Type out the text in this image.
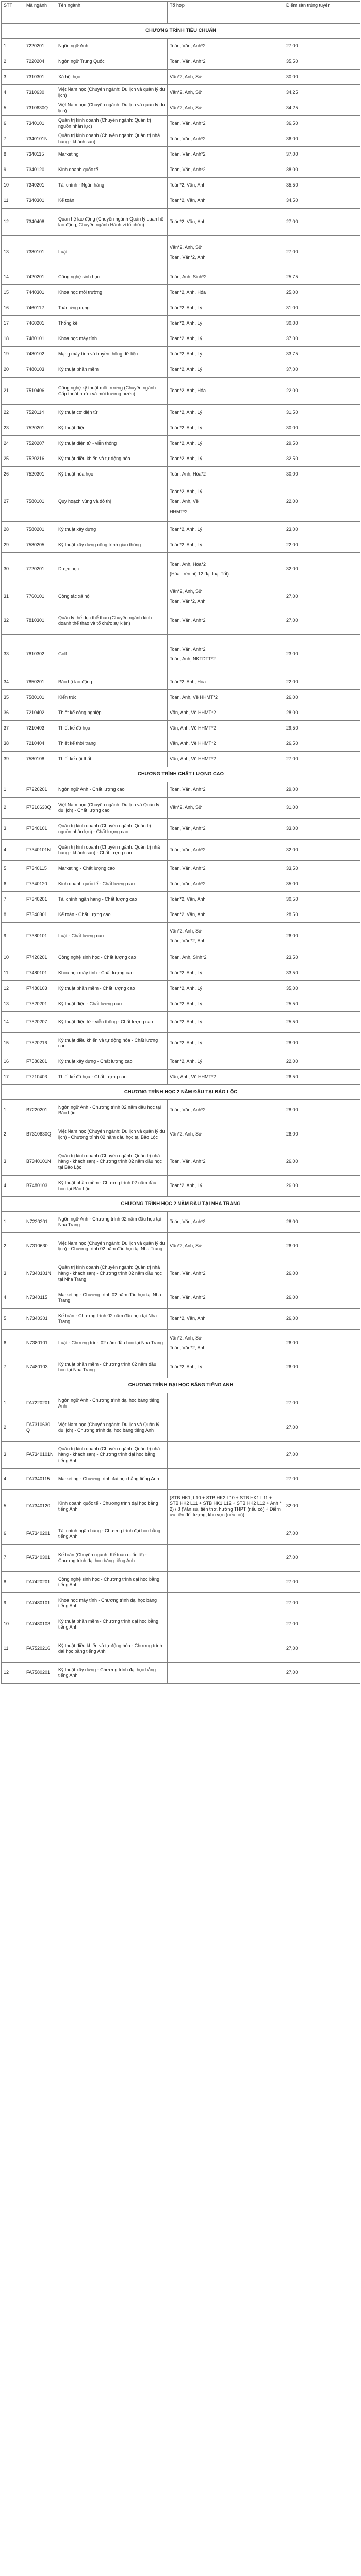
STT	Mã ngành	Tên ngành	Tổ hợp	Điểm sàn trúng tuyển
CHƯƠNG TRÌNH TIÊU CHUẨN				
1	7220201	Ngôn ngữ Anh	Toán, Văn, Anh*2	27,00
2	7220204	Ngôn ngữ Trung Quốc	Toán, Văn, Anh*2	35,50
3	7310301	Xã hội học	Văn*2, Anh, Sử	30,00
4	7310630	Việt Nam học (Chuyên ngành: Du lịch và quản lý du lịch)	Văn*2, Anh, Sử	34,25
5	7310630Q	Việt Nam học (Chuyên ngành: Du lịch và quản lý du lịch)	Văn*2, Anh, Sử	34,25
6	7340101	Quản trị kinh doanh (Chuyên ngành: Quản trị nguồn nhân lực)	Toán, Văn, Anh*2	36,50
7	7340101N	Quản trị kinh doanh (Chuyên ngành: Quản trị nhà hàng - khách sạn)	Toán, Văn, Anh*2	36,00
8	7340115	Marketing	Toán, Văn, Anh*2	37,00
9	7340120	Kinh doanh quốc tế	Toán, Văn, Anh*2	38,00
10	7340201	Tài chính - Ngân hàng	Toán*2, Văn, Anh	35,50
11	7340301	Kế toán	Toán*2, Văn, Anh	34,50
12	7340408	Quan hệ lao động (Chuyên ngành Quản lý quan hệ lao động, Chuyên ngành Hành vi tổ chức)	Toán*2, Văn, Anh	27,00
13	7380101	Luật	Văn*2, Anh, Sử
Toán, Văn*2, Anh	27,00
14	7420201	Công nghệ sinh học	Toán, Anh, Sinh*2	25,75
15	7440301	Khoa học môi trường	Toán*2, Anh, Hóa	25,00
16	7460112	Toán ứng dụng	Toán*2, Anh, Lý	31,00
17	7460201	Thống kê	Toán*2, Anh, Lý	30,00
18	7480101	Khoa học máy tính	Toán*2, Anh, Lý	37,00
19	7480102	Mạng máy tính và truyền thông dữ liệu	Toán*2, Anh, Lý	33,75
20	7480103	Kỹ thuật phần mềm	Toán*2, Anh, Lý	37,00
21	7510406	Công nghệ kỹ thuật môi trường (Chuyên ngành Cấp thoát nước và môi trường nước)	Toán*2, Anh, Hóa	22,00
22	7520114	Kỹ thuật cơ điện tử	Toán*2, Anh, Lý	31,50
23	7520201	Kỹ thuật điện	Toán*2, Anh, Lý	30,00
24	7520207	Kỹ thuật điện tử - viễn thông	Toán*2, Anh, Lý	29,50
25	7520216	Kỹ thuật điều khiển và tự động hóa	Toán*2, Anh, Lý	32,50
26	7520301	Kỹ thuật hóa học	Toán, Anh, Hóa*2	30,00
27	7580101	Quy hoạch vùng và đô thị	Toán*2, Anh, Lý
Toán, Anh, Vẽ
HHMT*2	22,00
28	7580201	Kỹ thuật xây dựng	Toán*2, Anh, Lý	23,00
29	7580205	Kỹ thuật xây dựng công trình giao thông	Toán*2, Anh, Lý	22,00
30	7720201	Dược học	Toán, Anh, Hóa*2
(Hóa: trên hệ 12 đạt loại Tốt)	32,00
31	7760101	Công tác xã hội	Văn*2, Anh, Sử
Toán, Văn*2, Anh	27,00
32	7810301	Quản lý thể dục thể thao (Chuyên ngành kinh doanh thể thao và tổ chức sự kiện)	Toán, Văn, Anh*2	27,00
33	7810302	Golf	Toán, Văn, Anh*2
Toán, Anh, NKTDTT*2	23,00
34	7850201	Bảo hộ lao động	Toán*2, Anh, Hóa	22,00
35	7580101	Kiến trúc	Toán, Anh, Vẽ HHMT*2	26,00
36	7210402	Thiết kế công nghiệp	Văn, Anh, Vẽ HHMT*2	28,00
37	7210403	Thiết kế đồ họa	Văn, Anh, Vẽ HHMT*2	29,50
38	7210404	Thiết kế thời trang	Văn, Anh, Vẽ HHMT*2	26,50
39	7580108	Thiết kế nội thất	Văn, Anh, Vẽ HHMT*2	27,00
CHƯƠNG TRÌNH CHẤT LƯỢNG CAO				
1	F7220201	Ngôn ngữ Anh - Chất lượng cao	Toán, Văn, Anh*2	29,00
2	F7310630Q	Việt Nam học (Chuyên ngành: Du lịch và Quản lý du lịch) - Chất lượng cao	Văn*2, Anh, Sử	31,00
3	F7340101	Quản trị kinh doanh (Chuyên ngành: Quản trị nguồn nhân lực) - Chất lượng cao	Toán, Văn, Anh*2	33,00
4	F7340101N	Quản trị kinh doanh (Chuyên ngành: Quản trị nhà hàng - khách sạn) - Chất lượng cao	Toán, Văn, Anh*2	32,00
5	F7340115	Marketing - Chất lượng cao	Toán, Văn, Anh*2	33,50
6	F7340120	Kinh doanh quốc tế - Chất lượng cao	Toán, Văn, Anh*2	35,00
7	F7340201	Tài chính ngân hàng - Chất lượng cao	Toán*2, Văn, Anh	30,50
8	F7340301	Kế toán - Chất lượng cao	Toán*2, Văn, Anh	28,50
9	F7380101	Luật - Chất lượng cao	Văn*2, Anh, Sử
Toán, Văn*2, Anh	26,00
10	F7420201	Công nghệ sinh học - Chất lượng cao	Toán, Anh, Sinh*2	23,50
11	F7480101	Khoa học máy tính - Chất lượng cao	Toán*2, Anh, Lý	33,50
12	F7480103	Kỹ thuật phần mềm - Chất lượng cao	Toán*2, Anh, Lý	35,00
13	F7520201	Kỹ thuật điện - Chất lượng cao	Toán*2, Anh, Lý	25,50
14	F7520207	Kỹ thuật điện tử - viễn thông - Chất lượng cao	Toán*2, Anh, Lý	25,50
15	F7520216	Kỹ thuật điều khiển và tự động hóa - Chất lượng cao	Toán*2, Anh, Lý	28,00
16	F7580201	Kỹ thuật xây dựng - Chất lượng cao	Toán*2, Anh, Lý	22,00
17	F7210403	Thiết kế đồ họa - Chất lượng cao	Văn, Anh, Vẽ HHMT*2	26,50
CHƯƠNG TRÌNH HỌC 2 NĂM ĐẦU TẠI BẢO LỘC				
1	B7220201	Ngôn ngữ Anh - Chương trình 02 năm đầu học tại Bảo Lộc	Toán, Văn, Anh*2	28,00
2	B7310630Q	Việt Nam học (Chuyên ngành: Du lịch và quản lý du lịch) - Chương trình 02 năm đầu học tại Bảo Lộc	Văn*2, Anh, Sử	26,00
3	B7340101N	Quản trị kinh doanh (Chuyên ngành: Quản trị nhà hàng - khách sạn) - Chương trình 02 năm đầu học tại Bảo Lộc	Toán, Văn, Anh*2	26,00
4	B7480103	Kỹ thuật phần mềm - Chương trình 02 năm đầu học tại Bảo Lộc	Toán*2, Anh, Lý	26,00
CHƯƠNG TRÌNH HỌC 2 NĂM ĐẦU TẠI NHA TRANG				
1	N7220201	Ngôn ngữ Anh - Chương trình 02 năm đầu học tại Nha Trang	Toán, Văn, Anh*2	28,00
2	N7310630	Việt Nam học (Chuyên ngành: Du lịch và quản lý du lịch) - Chương trình 02 năm đầu học tại Nha Trang	Văn*2, Anh, Sử	26,00
3	N7340101N	Quản trị kinh doanh (Chuyên ngành: Quản trị nhà hàng - khách sạn) - Chương trình 02 năm đầu học tại Nha Trang	Toán, Văn, Anh*2	26,00
4	N7340115	Marketing - Chương trình 02 năm đầu học tại Nha Trang	Toán, Văn, Anh*2	26,00
5	N7340301	Kế toán - Chương trình 02 năm đầu học tại Nha Trang	Toán*2, Văn, Anh	26,00
6	N7380101	Luật - Chương trình 02 năm đầu học tại Nha Trang	Văn*2, Anh, Sử
Toán, Văn*2, Anh	26,00
7	N7480103	Kỹ thuật phần mềm - Chương trình 02 năm đầu học tại Nha Trang	Toán*2, Anh, Lý	26,00
CHƯƠNG TRÌNH ĐẠI HỌC BẰNG TIẾNG ANH				
1	FA7220201	Ngôn ngữ Anh - Chương trình đại học bằng tiếng Anh		27,00
2	FA7310630Q	Việt Nam học (Chuyên ngành: Du lịch và Quản lý du lịch) - Chương trình đại học bằng tiếng Anh		27,00
3	FA7340101N	Quản trị kinh doanh (Chuyên ngành: Quản trị nhà hàng - khách sạn) - Chương trình đại học bằng tiếng Anh		27,00
4	FA7340115	Marketing - Chương trình đại học bằng tiếng Anh		27,00
5	FA7340120	Kinh doanh quốc tế - Chương trình đại học bằng tiếng Anh	(STB HK1, L10 + STB HK2 L10 + STB HK1 L11 + STB HK2 L11 + STB HK1 L12 + STB HK2 L12 + Anh * 2) / 8 (Văn sử, tiến thơ, hướng THPT (nếu có) + Điểm ưu tiên đối tượng, khu vực (nếu có))	32,00
6	FA7340201	Tài chính ngân hàng - Chương trình đại học bằng tiếng Anh		27,00
7	FA7340301	Kế toán (Chuyên ngành: Kế toán quốc tế) - Chương trình đại học bằng tiếng Anh		27,00
8	FA7420201	Công nghệ sinh học - Chương trình đại học bằng tiếng Anh		27,00
9	FA7480101	Khoa học máy tính - Chương trình đại học bằng tiếng Anh		27,00
10	FA7480103	Kỹ thuật phần mềm - Chương trình đại học bằng tiếng Anh		27,00
11	FA7520216	Kỹ thuật điều khiển và tự động hóa - Chương trình đại học bằng tiếng Anh		27,00
12	FA7580201	Kỹ thuật xây dựng - Chương trình đại học bằng tiếng Anh		27,00
